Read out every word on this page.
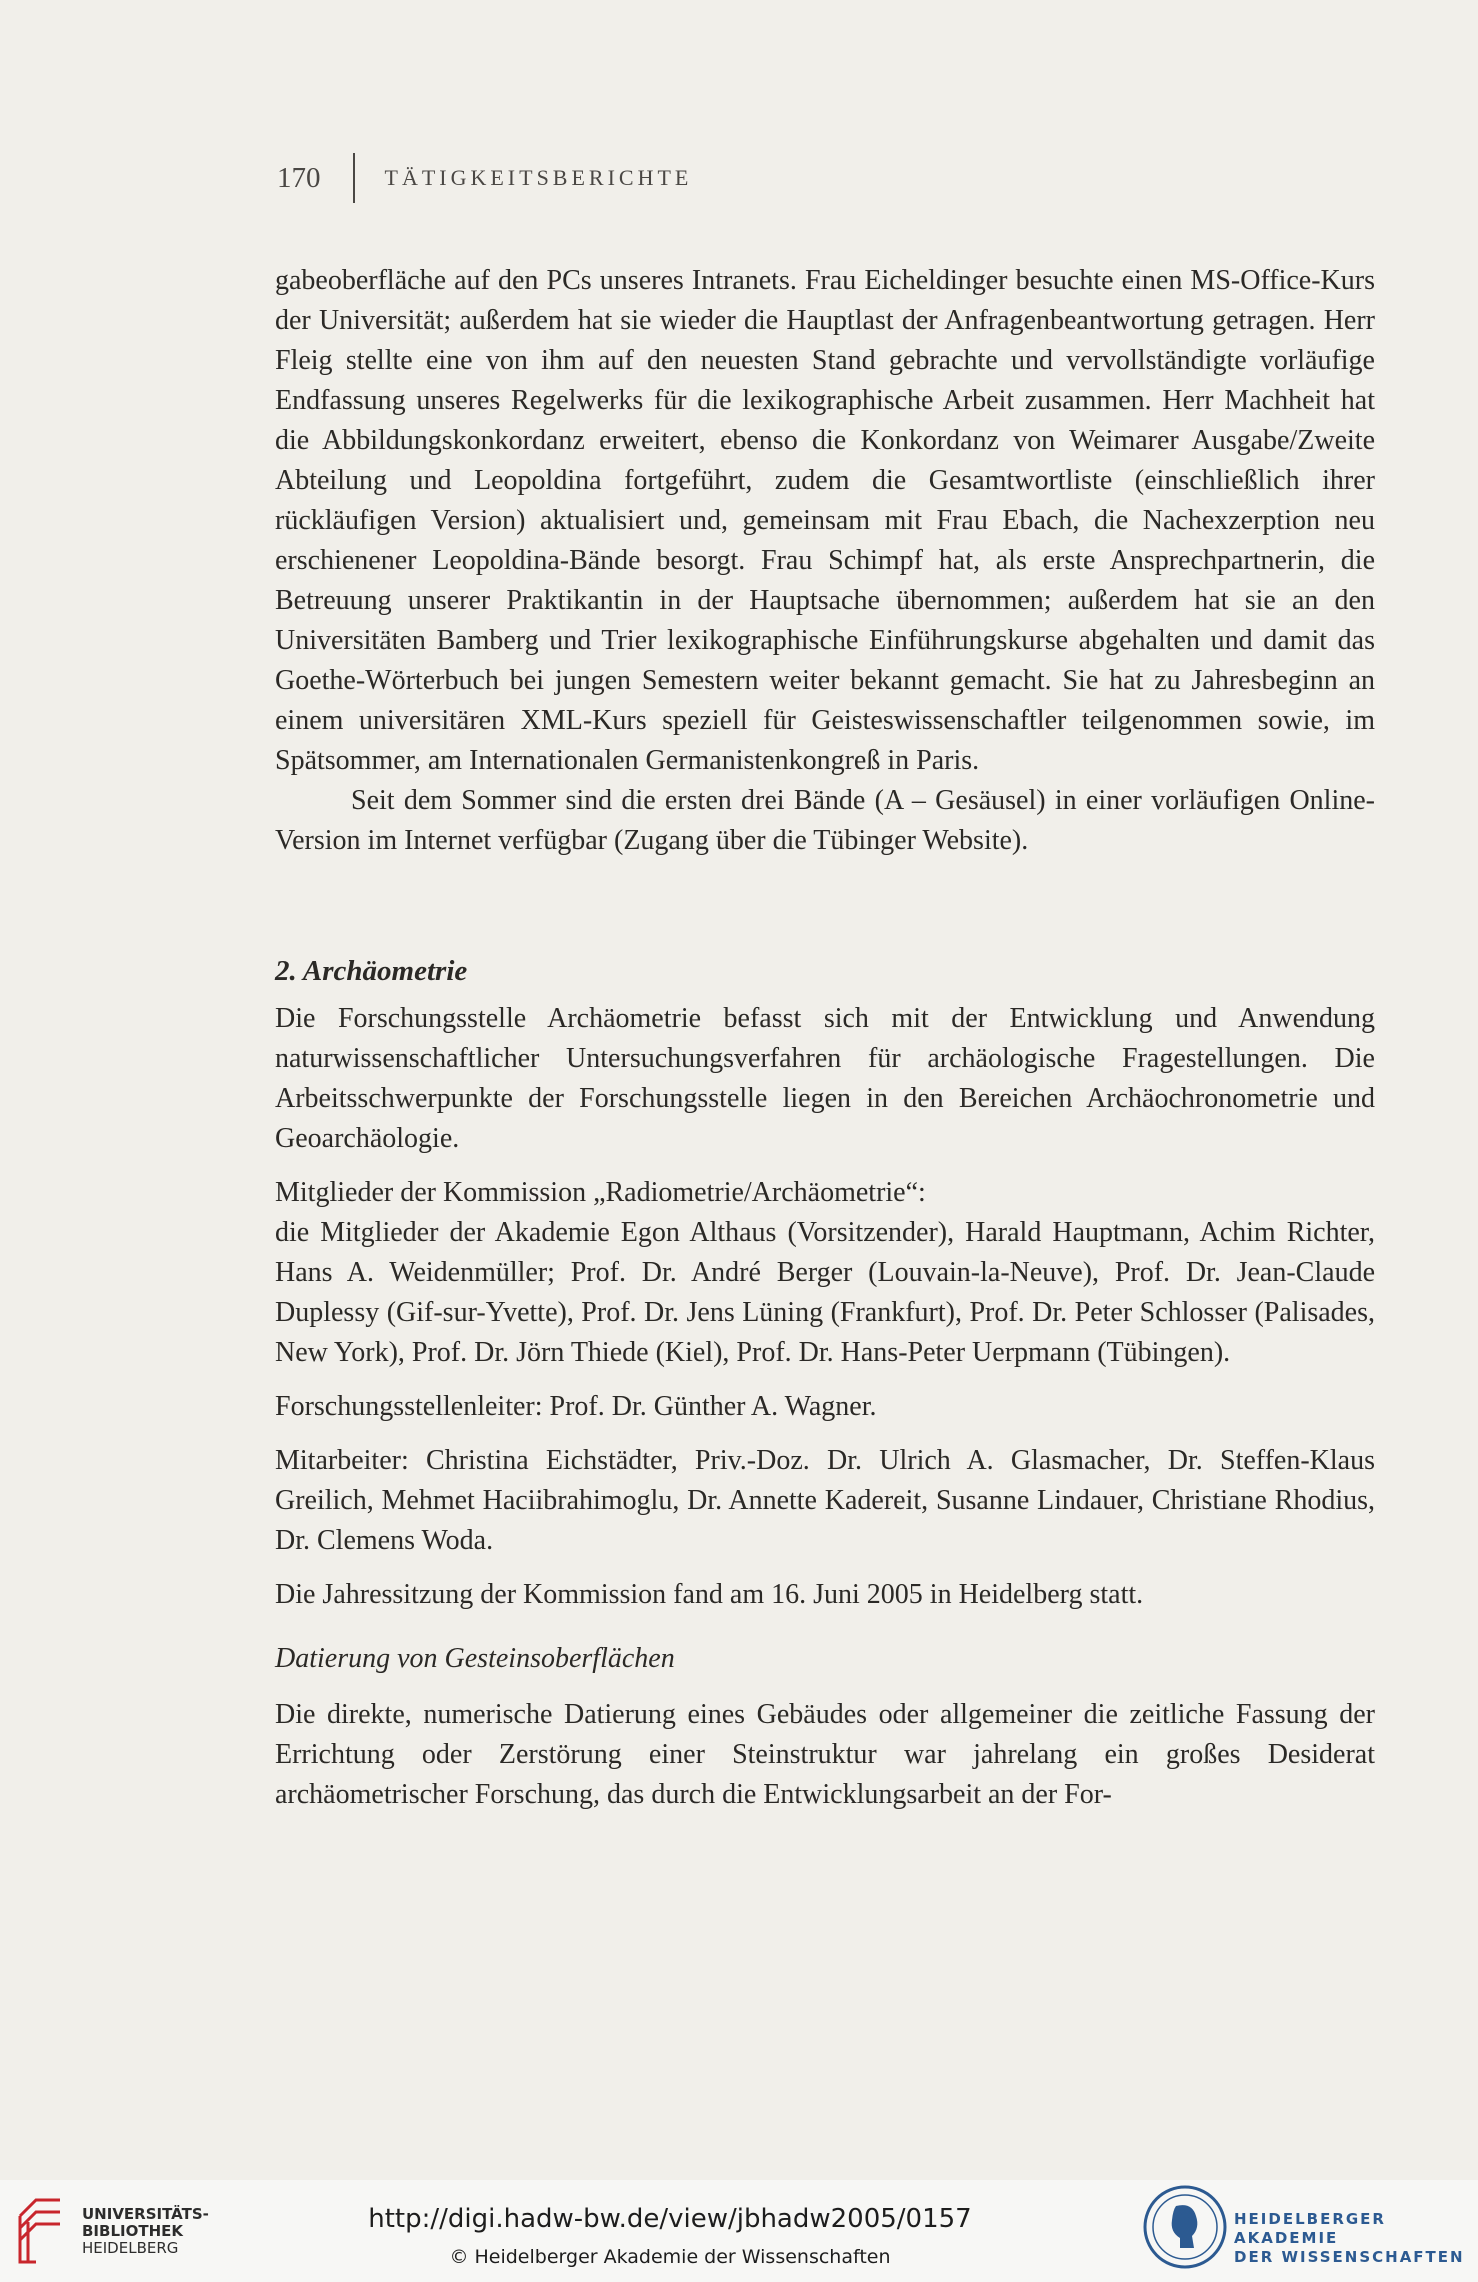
170	TÄTIGKEITSBERICHTE

gabeoberfläche auf den PCs unseres Intranets. Frau Eicheldinger besuchte einen MS-Office-Kurs der Universität; außerdem hat sie wieder die Hauptlast der Anfragenbeantwortung getragen. Herr Fleig stellte eine von ihm auf den neuesten Stand gebrachte und vervollständigte vorläufige Endfassung unseres Regelwerks für die lexikographische Arbeit zusammen. Herr Machheit hat die Abbildungskonkordanz erweitert, ebenso die Konkordanz von Weimarer Ausgabe/Zweite Abteilung und Leopoldina fortgeführt, zudem die Gesamtwortliste (einschließlich ihrer rückläufigen Version) aktualisiert und, gemeinsam mit Frau Ebach, die Nachexzerption neu erschienener Leopoldina-Bände besorgt. Frau Schimpf hat, als erste Ansprechpartnerin, die Betreuung unserer Praktikantin in der Hauptsache übernommen; außerdem hat sie an den Universitäten Bamberg und Trier lexikographische Einführungskurse abgehalten und damit das Goethe-Wörterbuch bei jungen Semestern weiter bekannt gemacht. Sie hat zu Jahresbeginn an einem universitären XML-Kurs speziell für Geisteswissenschaftler teilgenommen sowie, im Spätsommer, am Internationalen Germanistenkongreß in Paris.

Seit dem Sommer sind die ersten drei Bände (A – Gesäusel) in einer vorläufigen Online-Version im Internet verfügbar (Zugang über die Tübinger Website).

2. Archäometrie

Die Forschungsstelle Archäometrie befasst sich mit der Entwicklung und Anwendung naturwissenschaftlicher Untersuchungsverfahren für archäologische Fragestellungen. Die Arbeitsschwerpunkte der Forschungsstelle liegen in den Bereichen Archäochronometrie und Geoarchäologie.

Mitglieder der Kommission „Radiometrie/Archäometrie“:

die Mitglieder der Akademie Egon Althaus (Vorsitzender), Harald Hauptmann, Achim Richter, Hans A. Weidenmüller; Prof. Dr. André Berger (Louvain-la-Neuve), Prof. Dr. Jean-Claude Duplessy (Gif-sur-Yvette), Prof. Dr. Jens Lüning (Frankfurt), Prof. Dr. Peter Schlosser (Palisades, New York), Prof. Dr. Jörn Thiede (Kiel), Prof. Dr. Hans-Peter Uerpmann (Tübingen).

Forschungsstellenleiter: Prof. Dr. Günther A. Wagner.

Mitarbeiter: Christina Eichstädter, Priv.-Doz. Dr. Ulrich A. Glasmacher, Dr. Steffen-Klaus Greilich, Mehmet Haciibrahimoglu, Dr. Annette Kadereit, Susanne Lindauer, Christiane Rhodius, Dr. Clemens Woda.

Die Jahressitzung der Kommission fand am 16. Juni 2005 in Heidelberg statt.

Datierung von Gesteinsoberflächen

Die direkte, numerische Datierung eines Gebäudes oder allgemeiner die zeitliche Fassung der Errichtung oder Zerstörung einer Steinstruktur war jahrelang ein großes Desiderat archäometrischer Forschung, das durch die Entwicklungsarbeit an der For-

UNIVERSITÄTS-
BIBLIOTHEK
HEIDELBERG
http://digi.hadw-bw.de/view/jbhadw2005/0157
© Heidelberger Akademie der Wissenschaften
HEIDELBERGER AKADEMIE
DER WISSENSCHAFTEN
